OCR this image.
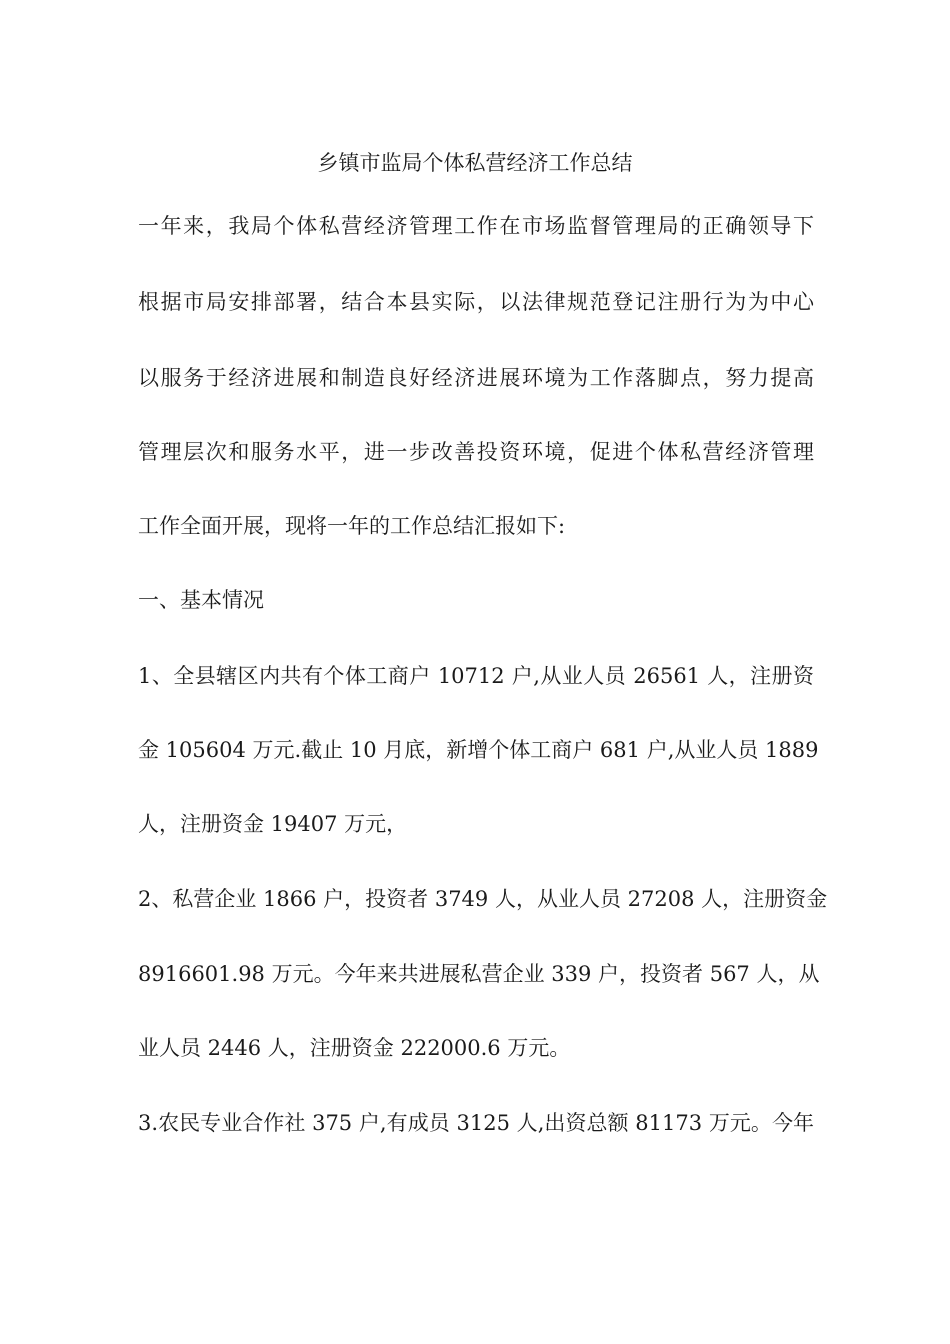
乡镇市监局个体私营经济工作总结
一年来，我局个体私营经济管理工作在市场监督管理局的正确领导下
根据市局安排部署，结合本县实际，以法律规范登记注册行为为中心
以服务于经济进展和制造良好经济进展环境为工作落脚点，努力提高
管理层次和服务水平，进一步改善投资环境，促进个体私营经济管理
工作全面开展，现将一年的工作总结汇报如下:
一、基本情况
1、全县辖区内共有个体工商户 10712 户,从业人员 26561 人，注册资
金 105604 万元.截止 10 月底，新增个体工商户 681 户,从业人员 1889
人，注册资金 19407 万元，
2、私营企业 1866 户，投资者 3749 人，从业人员 27208 人，注册资金
8916601.98 万元。今年来共进展私营企业 339 户，投资者 567 人，从
业人员 2446 人，注册资金 222000.6 万元。
3.农民专业合作社 375 户,有成员 3125 人,出资总额 81173 万元。今年
